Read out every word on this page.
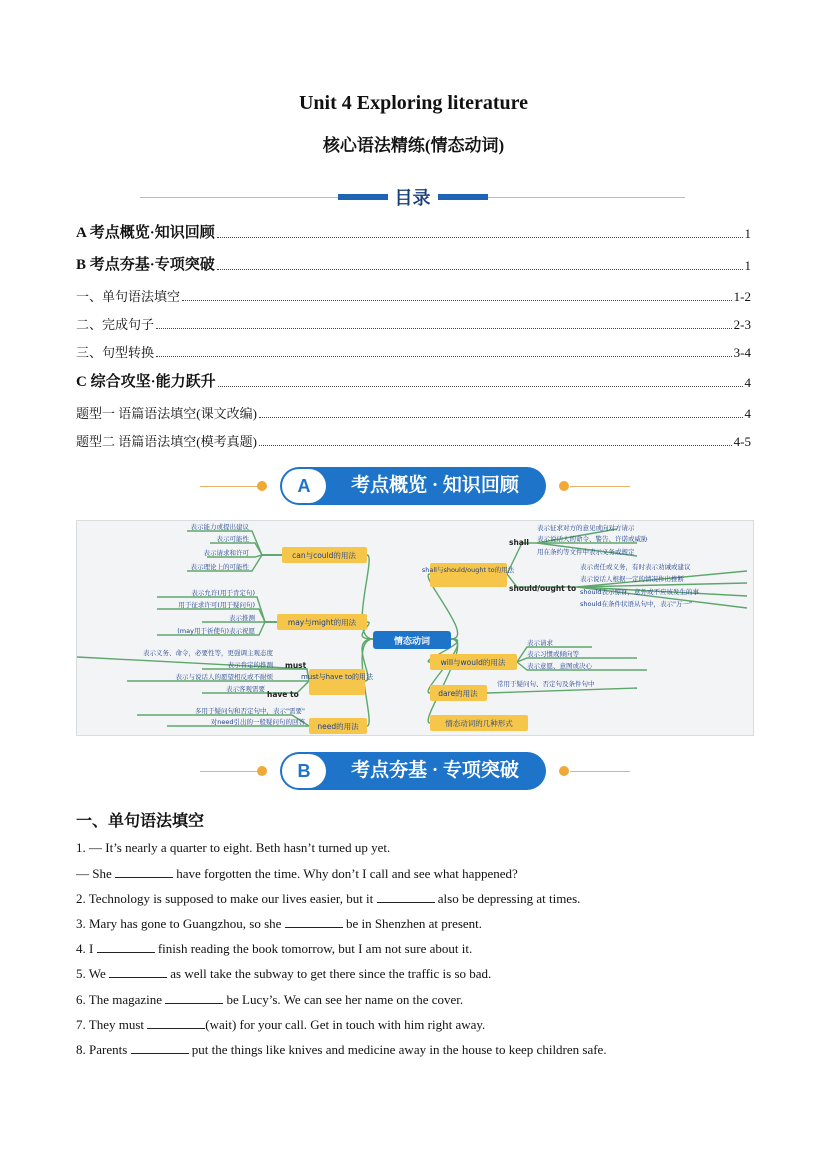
Unit 4 Exploring literature
核心语法精练(情态动词)
目录
A 考点概览·知识回顾	1
B 考点夯基·专项突破	1
一、单句语法填空	1-2
二、完成句子	2-3
三、句型转换	3-4
C 综合攻坚·能力跃升	4
题型一 语篇语法填空(课文改编)	4
题型二 语篇语法填空(模考真题)	4-5
A	考点概览 · 知识回顾
情态动词
can与could的用法
may与might的用法
must与have to的用法
need的用法
shall与should/ought to的用法
will与would的用法
dare的用法
情态动词的几种形式
must
have to
shall
should/ought to
表示能力或提出建议
表示可能性
表示请求和许可
表示理论上的可能性
表示允许(用于肯定句)
用于征求许可(用于疑问句)
表示推测
(may用于祈使句)表示祝愿
表示义务、命令，必要性等，更强调主观态度
表示肯定的推测
表示与说话人的愿望相反或不耐烦
表示客观需要
多用于疑问句和否定句中，表示"需要"
对need引出的一般疑问句的回答
表示征求对方的意见或向对方请示
表示说话人的命令、警告、许诺或威胁
用在条约等文件中表示义务或规定
表示责任或义务，有时表示劝诫或建议
表示说话人根据一定的情况作出推断
should表示惊讶，意外或不应该发生的事
should在条件状语从句中，表示"万一"
表示请求
表示习惯或倾向等
表示意愿、意图或决心
常用于疑问句、否定句及条件句中
B	考点夯基 · 专项突破
一、单句语法填空
1. — It’s nearly a quarter to eight. Beth hasn’t turned up yet.
— She	have forgotten the time. Why don’t I call and see what happened?
2. Technology is supposed to make our lives easier, but it	also be depressing at times.
3. Mary has gone to Guangzhou, so she	be in Shenzhen at present.
4. I	finish reading the book tomorrow, but I am not sure about it.
5. We	as well take the subway to get there since the traffic is so bad.
6. The magazine	be Lucy’s. We can see her name on the cover.
7. They must	(wait) for your call. Get in touch with him right away.
8. Parents	put the things like knives and medicine away in the house to keep children safe.
